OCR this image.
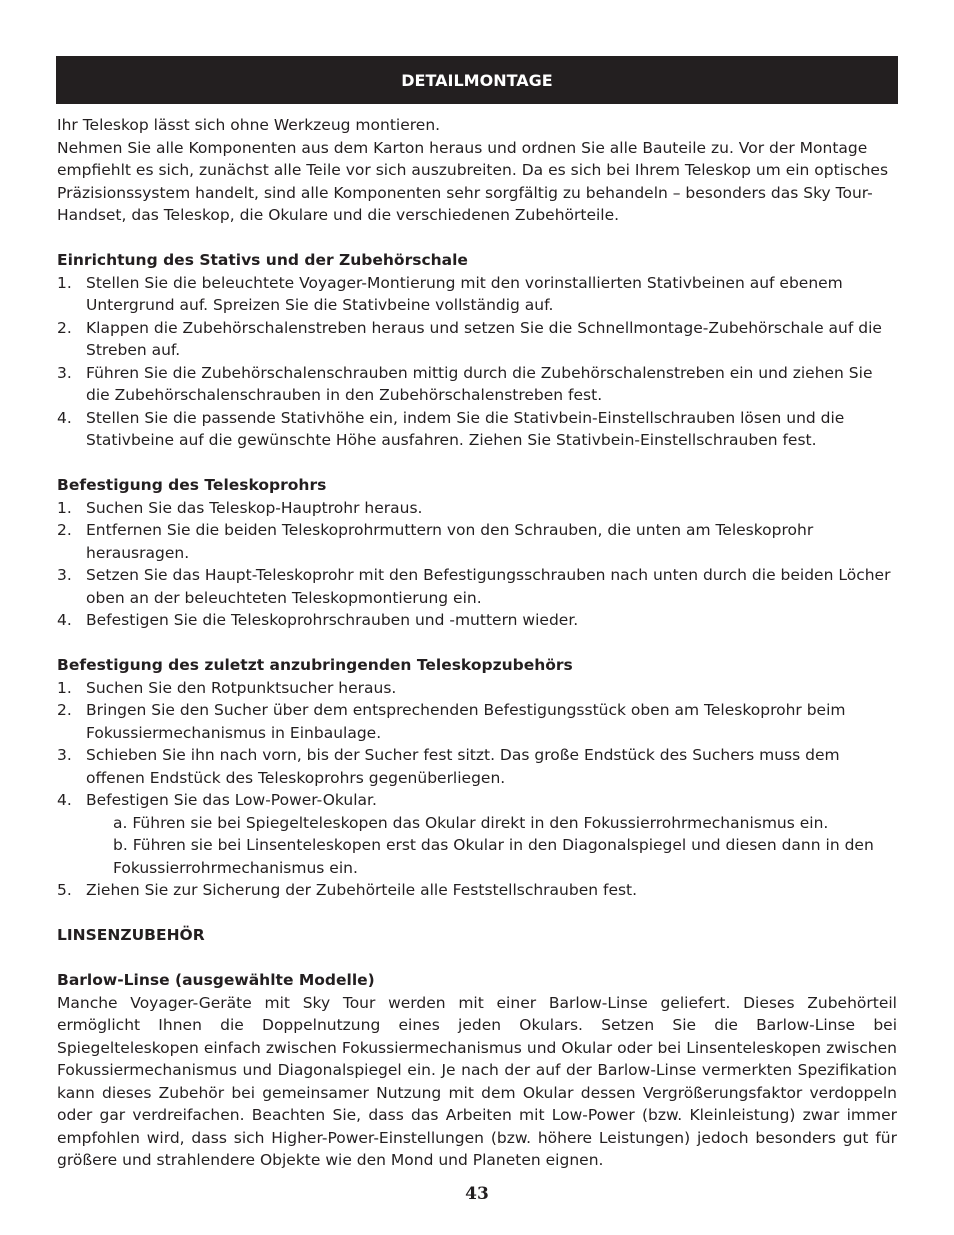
DETAILMONTAGE

Ihr Teleskop lässt sich ohne Werkzeug montieren.

Nehmen Sie alle Komponenten aus dem Karton heraus und ordnen Sie alle Bauteile zu. Vor der Montage empfiehlt es sich, zunächst alle Teile vor sich auszubreiten. Da es sich bei Ihrem Teleskop um ein optisches Präzisionssystem handelt, sind alle Komponenten sehr sorgfältig zu behandeln – besonders das Sky Tour-Handset, das Teleskop, die Okulare und die verschiedenen Zubehörteile.

Einrichtung des Stativs und der Zubehörschale

1. Stellen Sie die beleuchtete Voyager-Montierung mit den vorinstallierten Stativbeinen auf ebenem Untergrund auf. Spreizen Sie die Stativbeine vollständig auf.
2. Klappen die Zubehörschalenstreben heraus und setzen Sie die Schnellmontage-Zubehörschale auf die Streben auf.
3. Führen Sie die Zubehörschalenschrauben mittig durch die Zubehörschalenstreben ein und ziehen Sie die Zubehörschalenschrauben in den Zubehörschalenstreben fest.
4. Stellen Sie die passende Stativhöhe ein, indem Sie die Stativbein-Einstellschrauben lösen und die Stativbeine auf die gewünschte Höhe ausfahren. Ziehen Sie Stativbein-Einstellschrauben fest.

Befestigung des Teleskoprohrs

1. Suchen Sie das Teleskop-Hauptrohr heraus.
2. Entfernen Sie die beiden Teleskoprohrmuttern von den Schrauben, die unten am Teleskoprohr herausragen.
3. Setzen Sie das Haupt-Teleskoprohr mit den Befestigungsschrauben nach unten durch die beiden Löcher oben an der beleuchteten Teleskopmontierung ein.
4. Befestigen Sie die Teleskoprohrschrauben und -muttern wieder.

Befestigung des zuletzt anzubringenden Teleskopzubehörs

1. Suchen Sie den Rotpunktsucher heraus.
2. Bringen Sie den Sucher über dem entsprechenden Befestigungsstück oben am Teleskoprohr beim Fokussiermechanismus in Einbaulage.
3. Schieben Sie ihn nach vorn, bis der Sucher fest sitzt. Das große Endstück des Suchers muss dem offenen Endstück des Teleskoprohrs gegenüberliegen.
4. Befestigen Sie das Low-Power-Okular.

a. Führen sie bei Spiegelteleskopen das Okular direkt in den Fokussierrohrmechanismus ein.

b. Führen sie bei Linsenteleskopen erst das Okular in den Diagonalspiegel und diesen dann in den Fokussierrohrmechanismus ein.

5. Ziehen Sie zur Sicherung der Zubehörteile alle Feststellschrauben fest.

LINSENZUBEHÖR

Barlow-Linse (ausgewählte Modelle)

Manche Voyager-Geräte mit Sky Tour werden mit einer Barlow-Linse geliefert. Dieses Zubehörteil ermöglicht Ihnen die Doppelnutzung eines jeden Okulars. Setzen Sie die Barlow-Linse bei Spiegelteleskopen einfach zwischen Fokussiermechanismus und Okular oder bei Linsenteleskopen zwischen Fokussiermechanismus und Diagonalspiegel ein. Je nach der auf der Barlow-Linse vermerkten Spezifikation kann dieses Zubehör bei gemeinsamer Nutzung mit dem Okular dessen Vergrößerungsfaktor verdoppeln oder gar verdreifachen. Beachten Sie, dass das Arbeiten mit Low-Power (bzw. Kleinleistung) zwar immer empfohlen wird, dass sich Higher-Power-Einstellungen (bzw. höhere Leistungen) jedoch besonders gut für größere und strahlendere Objekte wie den Mond und Planeten eignen.

43
